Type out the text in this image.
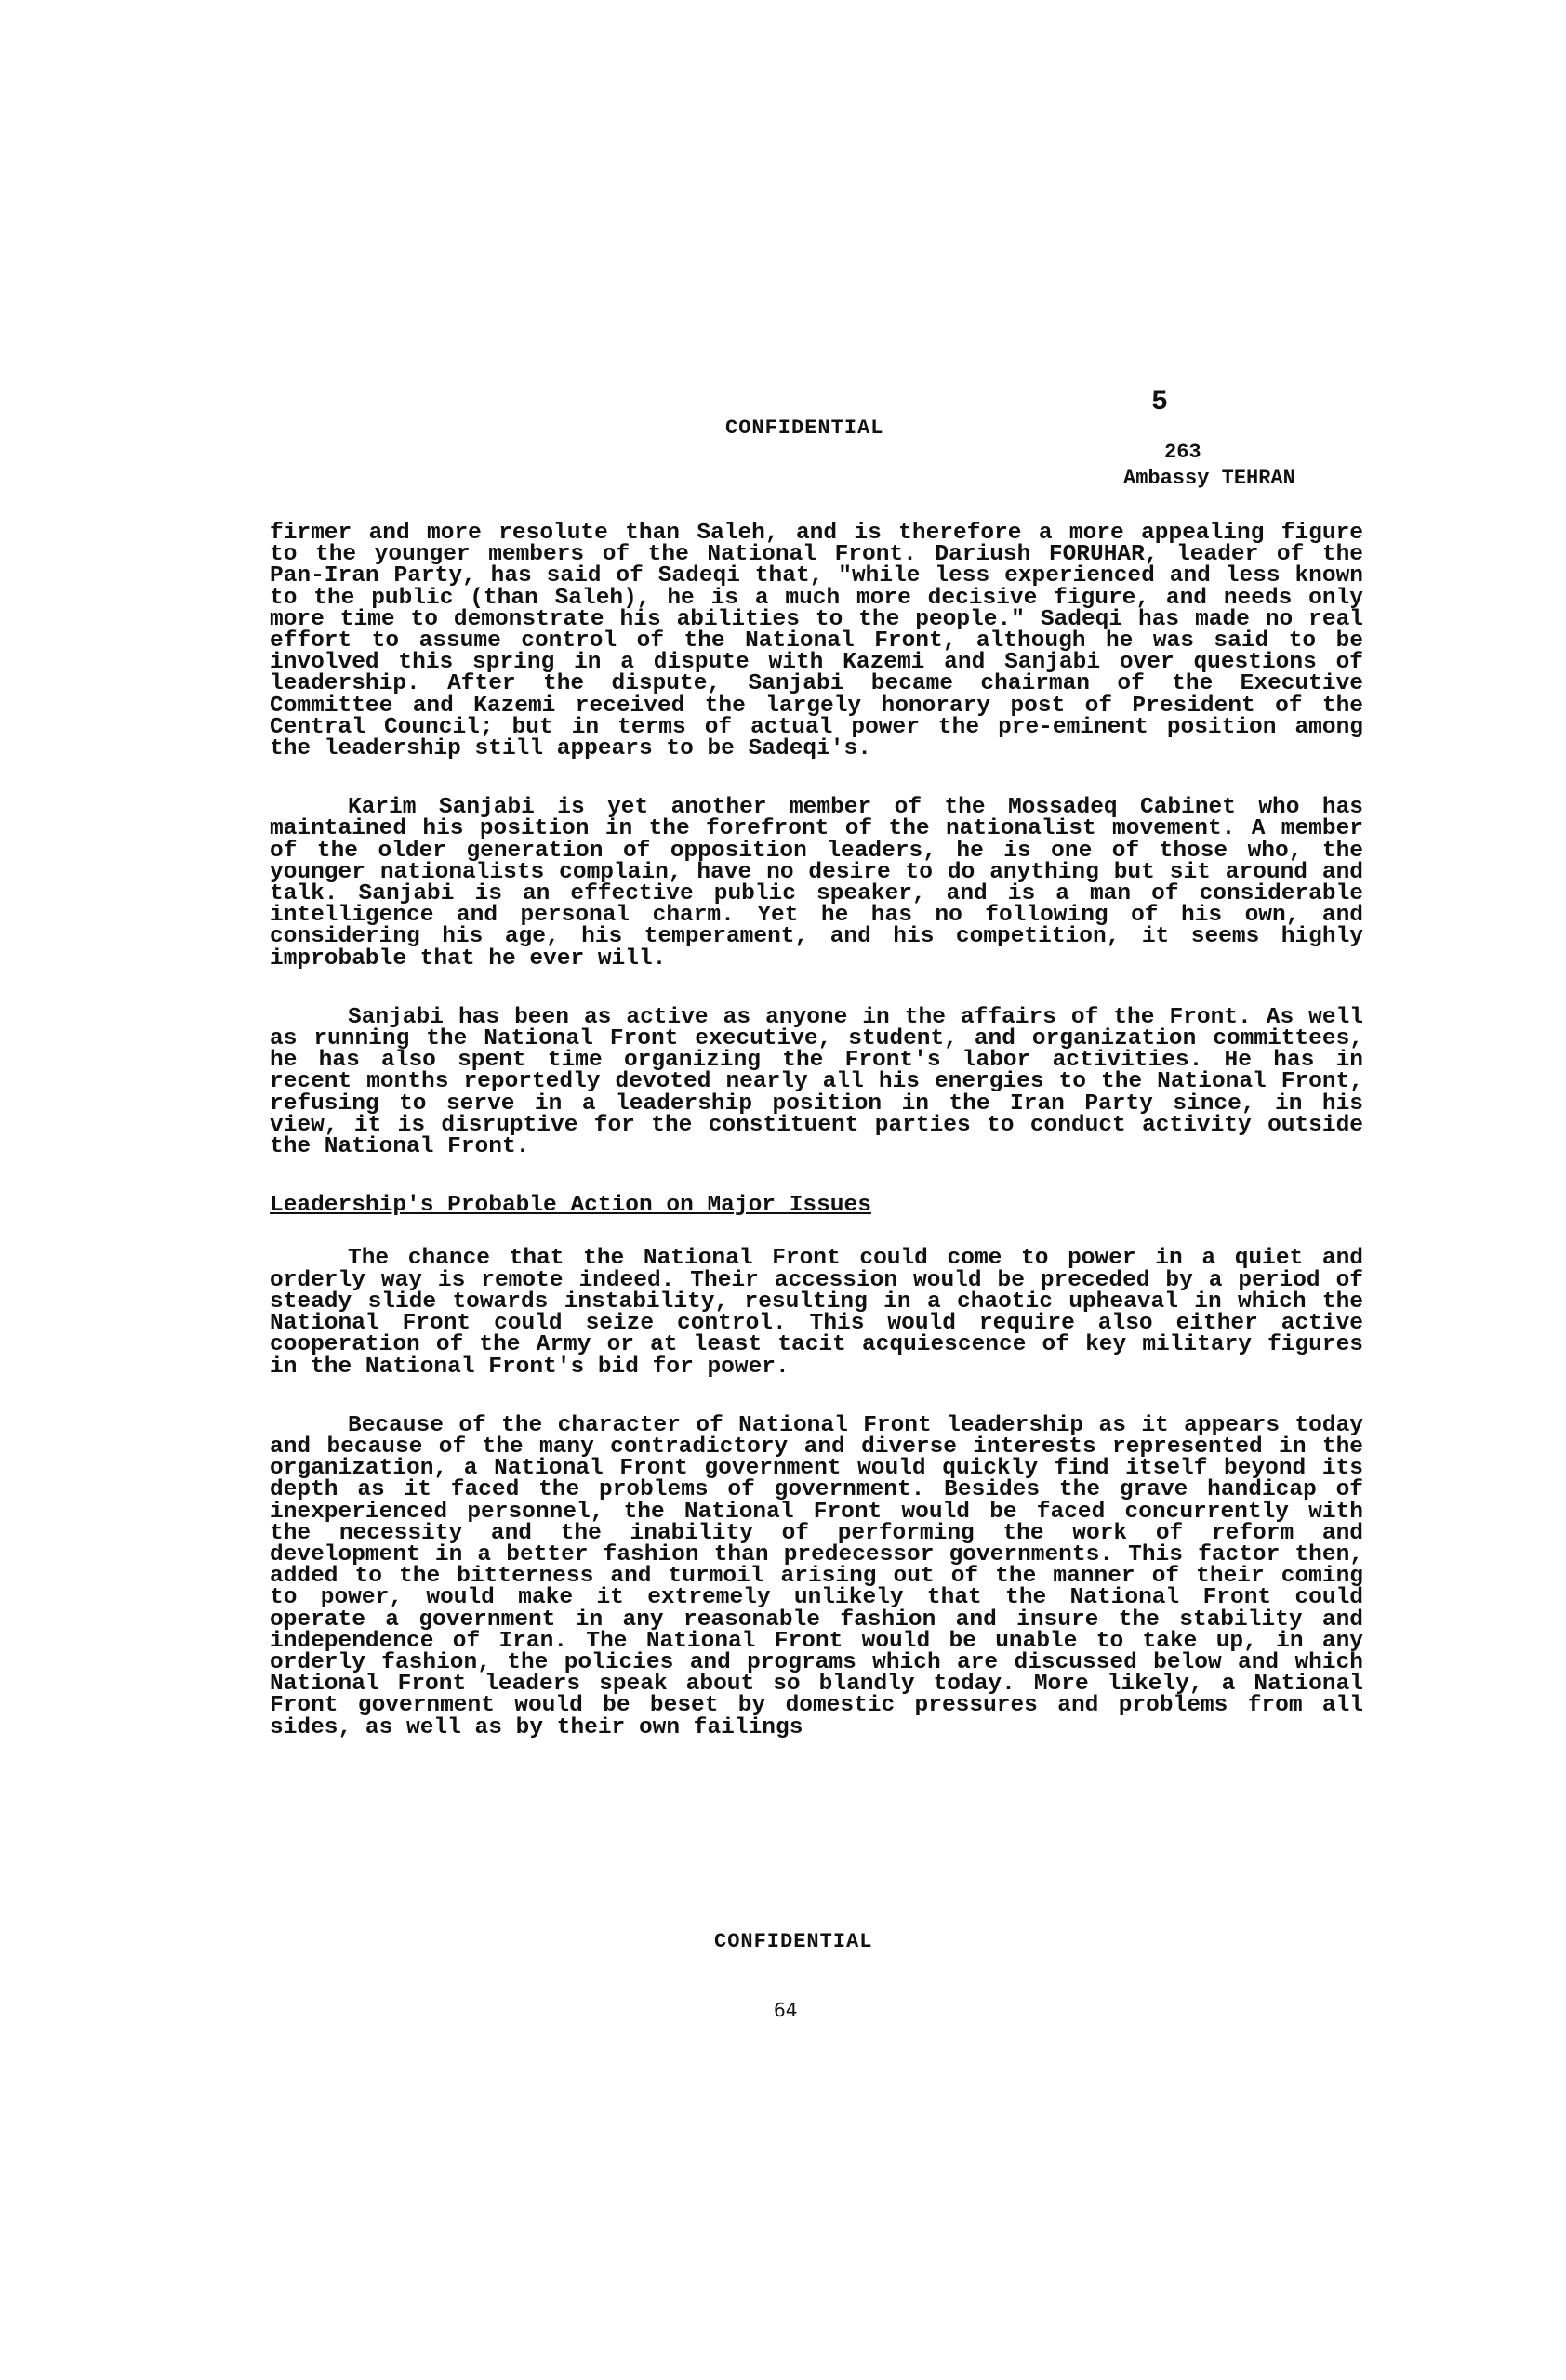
CONFIDENTIAL
5
263
Ambassy TEHRAN

firmer and more resolute than Saleh, and is therefore a more appealing figure to the younger members of the National Front. Dariush FORUHAR, leader of the Pan-Iran Party, has said of Sadeqi that, "while less experienced and less known to the public (than Saleh), he is a much more decisive figure, and needs only more time to demonstrate his abilities to the people." Sadeqi has made no real effort to assume control of the National Front, although he was said to be involved this spring in a dispute with Kazemi and Sanjabi over questions of leadership. After the dispute, Sanjabi became chairman of the Executive Committee and Kazemi received the largely honorary post of President of the Central Council; but in terms of actual power the pre-eminent position among the leadership still appears to be Sadeqi's.

Karim Sanjabi is yet another member of the Mossadeq Cabinet who has maintained his position in the forefront of the nationalist movement. A member of the older generation of opposition leaders, he is one of those who, the younger nationalists complain, have no desire to do anything but sit around and talk. Sanjabi is an effective public speaker, and is a man of considerable intelligence and personal charm. Yet he has no following of his own, and considering his age, his temperament, and his competition, it seems highly improbable that he ever will.

Sanjabi has been as active as anyone in the affairs of the Front. As well as running the National Front executive, student, and organization committees, he has also spent time organizing the Front's labor activities. He has in recent months reportedly devoted nearly all his energies to the National Front, refusing to serve in a leadership position in the Iran Party since, in his view, it is disruptive for the constituent parties to conduct activity outside the National Front.

Leadership's Probable Action on Major Issues

The chance that the National Front could come to power in a quiet and orderly way is remote indeed. Their accession would be preceded by a period of steady slide towards instability, resulting in a chaotic upheaval in which the National Front could seize control. This would require also either active cooperation of the Army or at least tacit acquiescence of key military figures in the National Front's bid for power.

Because of the character of National Front leadership as it appears today and because of the many contradictory and diverse interests represented in the organization, a National Front government would quickly find itself beyond its depth as it faced the problems of government. Besides the grave handicap of inexperienced personnel, the National Front would be faced concurrently with the necessity and the inability of performing the work of reform and development in a better fashion than predecessor governments. This factor then, added to the bitterness and turmoil arising out of the manner of their coming to power, would make it extremely unlikely that the National Front could operate a government in any reasonable fashion and insure the stability and independence of Iran. The National Front would be unable to take up, in any orderly fashion, the policies and programs which are discussed below and which National Front leaders speak about so blandly today. More likely, a National Front government would be beset by domestic pressures and problems from all sides, as well as by their own failings

CONFIDENTIAL
64
